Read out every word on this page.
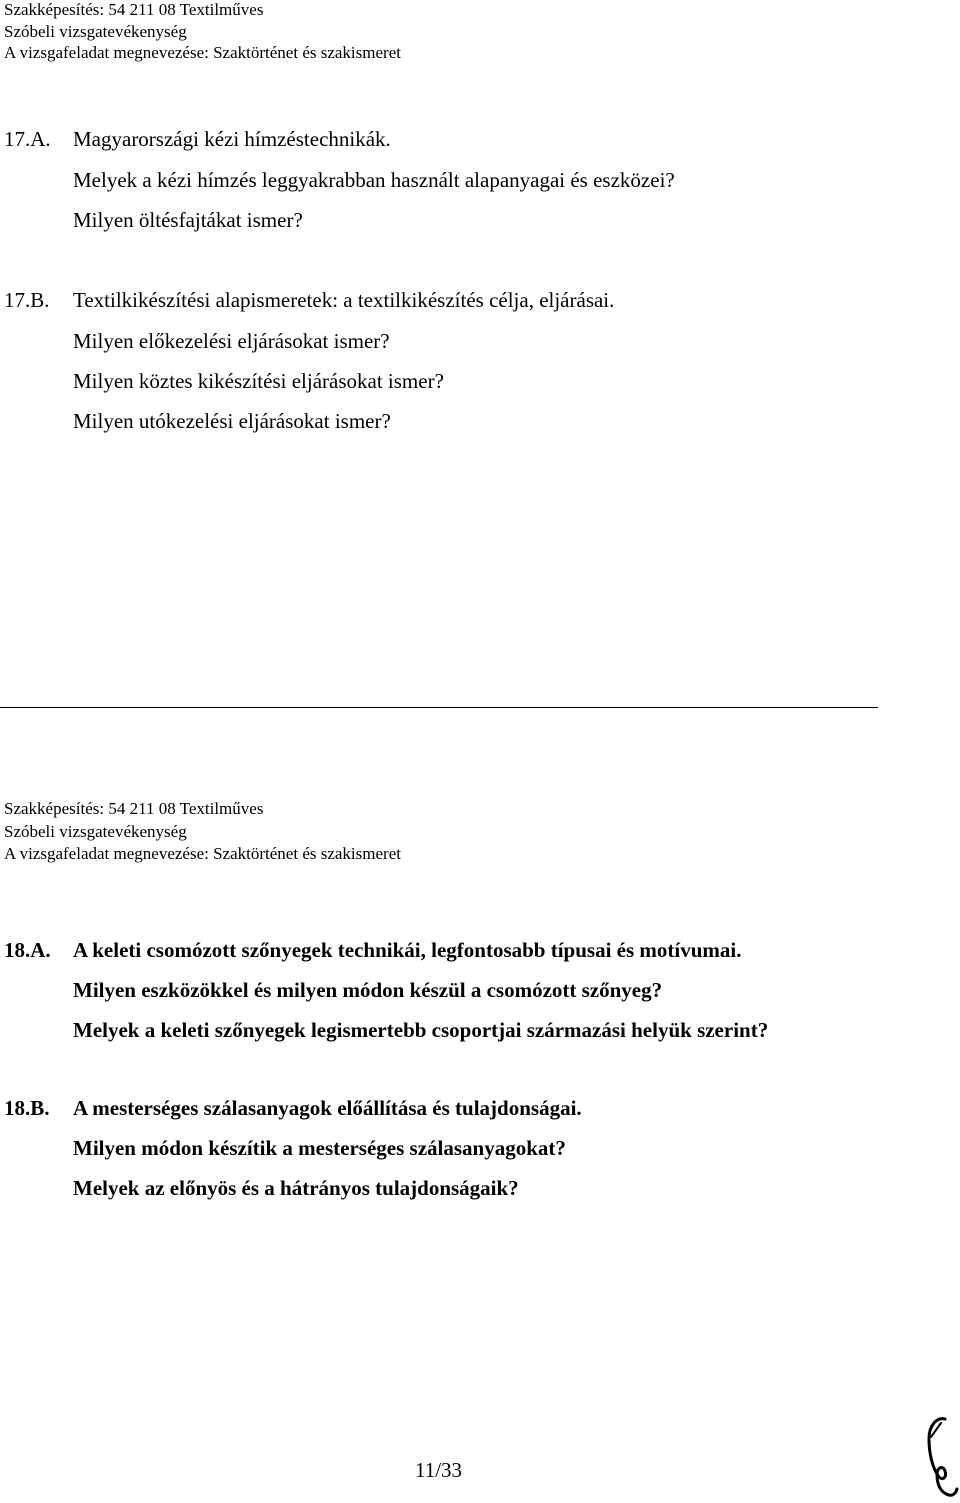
Szakképesítés: 54 211 08 Textilműves
Szóbeli vizsgatevékenység
A vizsgafeladat megnevezése: Szaktörténet és szakismeret
17.A. Magyarországi kézi hímzéstechnikák.
Melyek a kézi hímzés leggyakrabban használt alapanyagai és eszközei?
Milyen öltésfajtákat ismer?
17.B. Textilkikészítési alapismeretek: a textilkikészítés célja, eljárásai.
Milyen előkezelési eljárásokat ismer?
Milyen köztes kikészítési eljárásokat ismer?
Milyen utókezelési eljárásokat ismer?
Szakképesítés: 54 211 08 Textilműves
Szóbeli vizsgatevékenység
A vizsgafeladat megnevezése: Szaktörténet és szakismeret
18.A. A keleti csomózott szőnyegek technikái, legfontosabb típusai és motívumai.
Milyen eszközökkel és milyen módon készül a csomózott szőnyeg?
Melyek a keleti szőnyegek legismertebb csoportjai származási helyük szerint?
18.B. A mesterséges szálasanyagok előállítása és tulajdonságai.
Milyen módon készítik a mesterséges szálasanyagokat?
Melyek az előnyös és a hátrányos tulajdonságaik?
11/33
